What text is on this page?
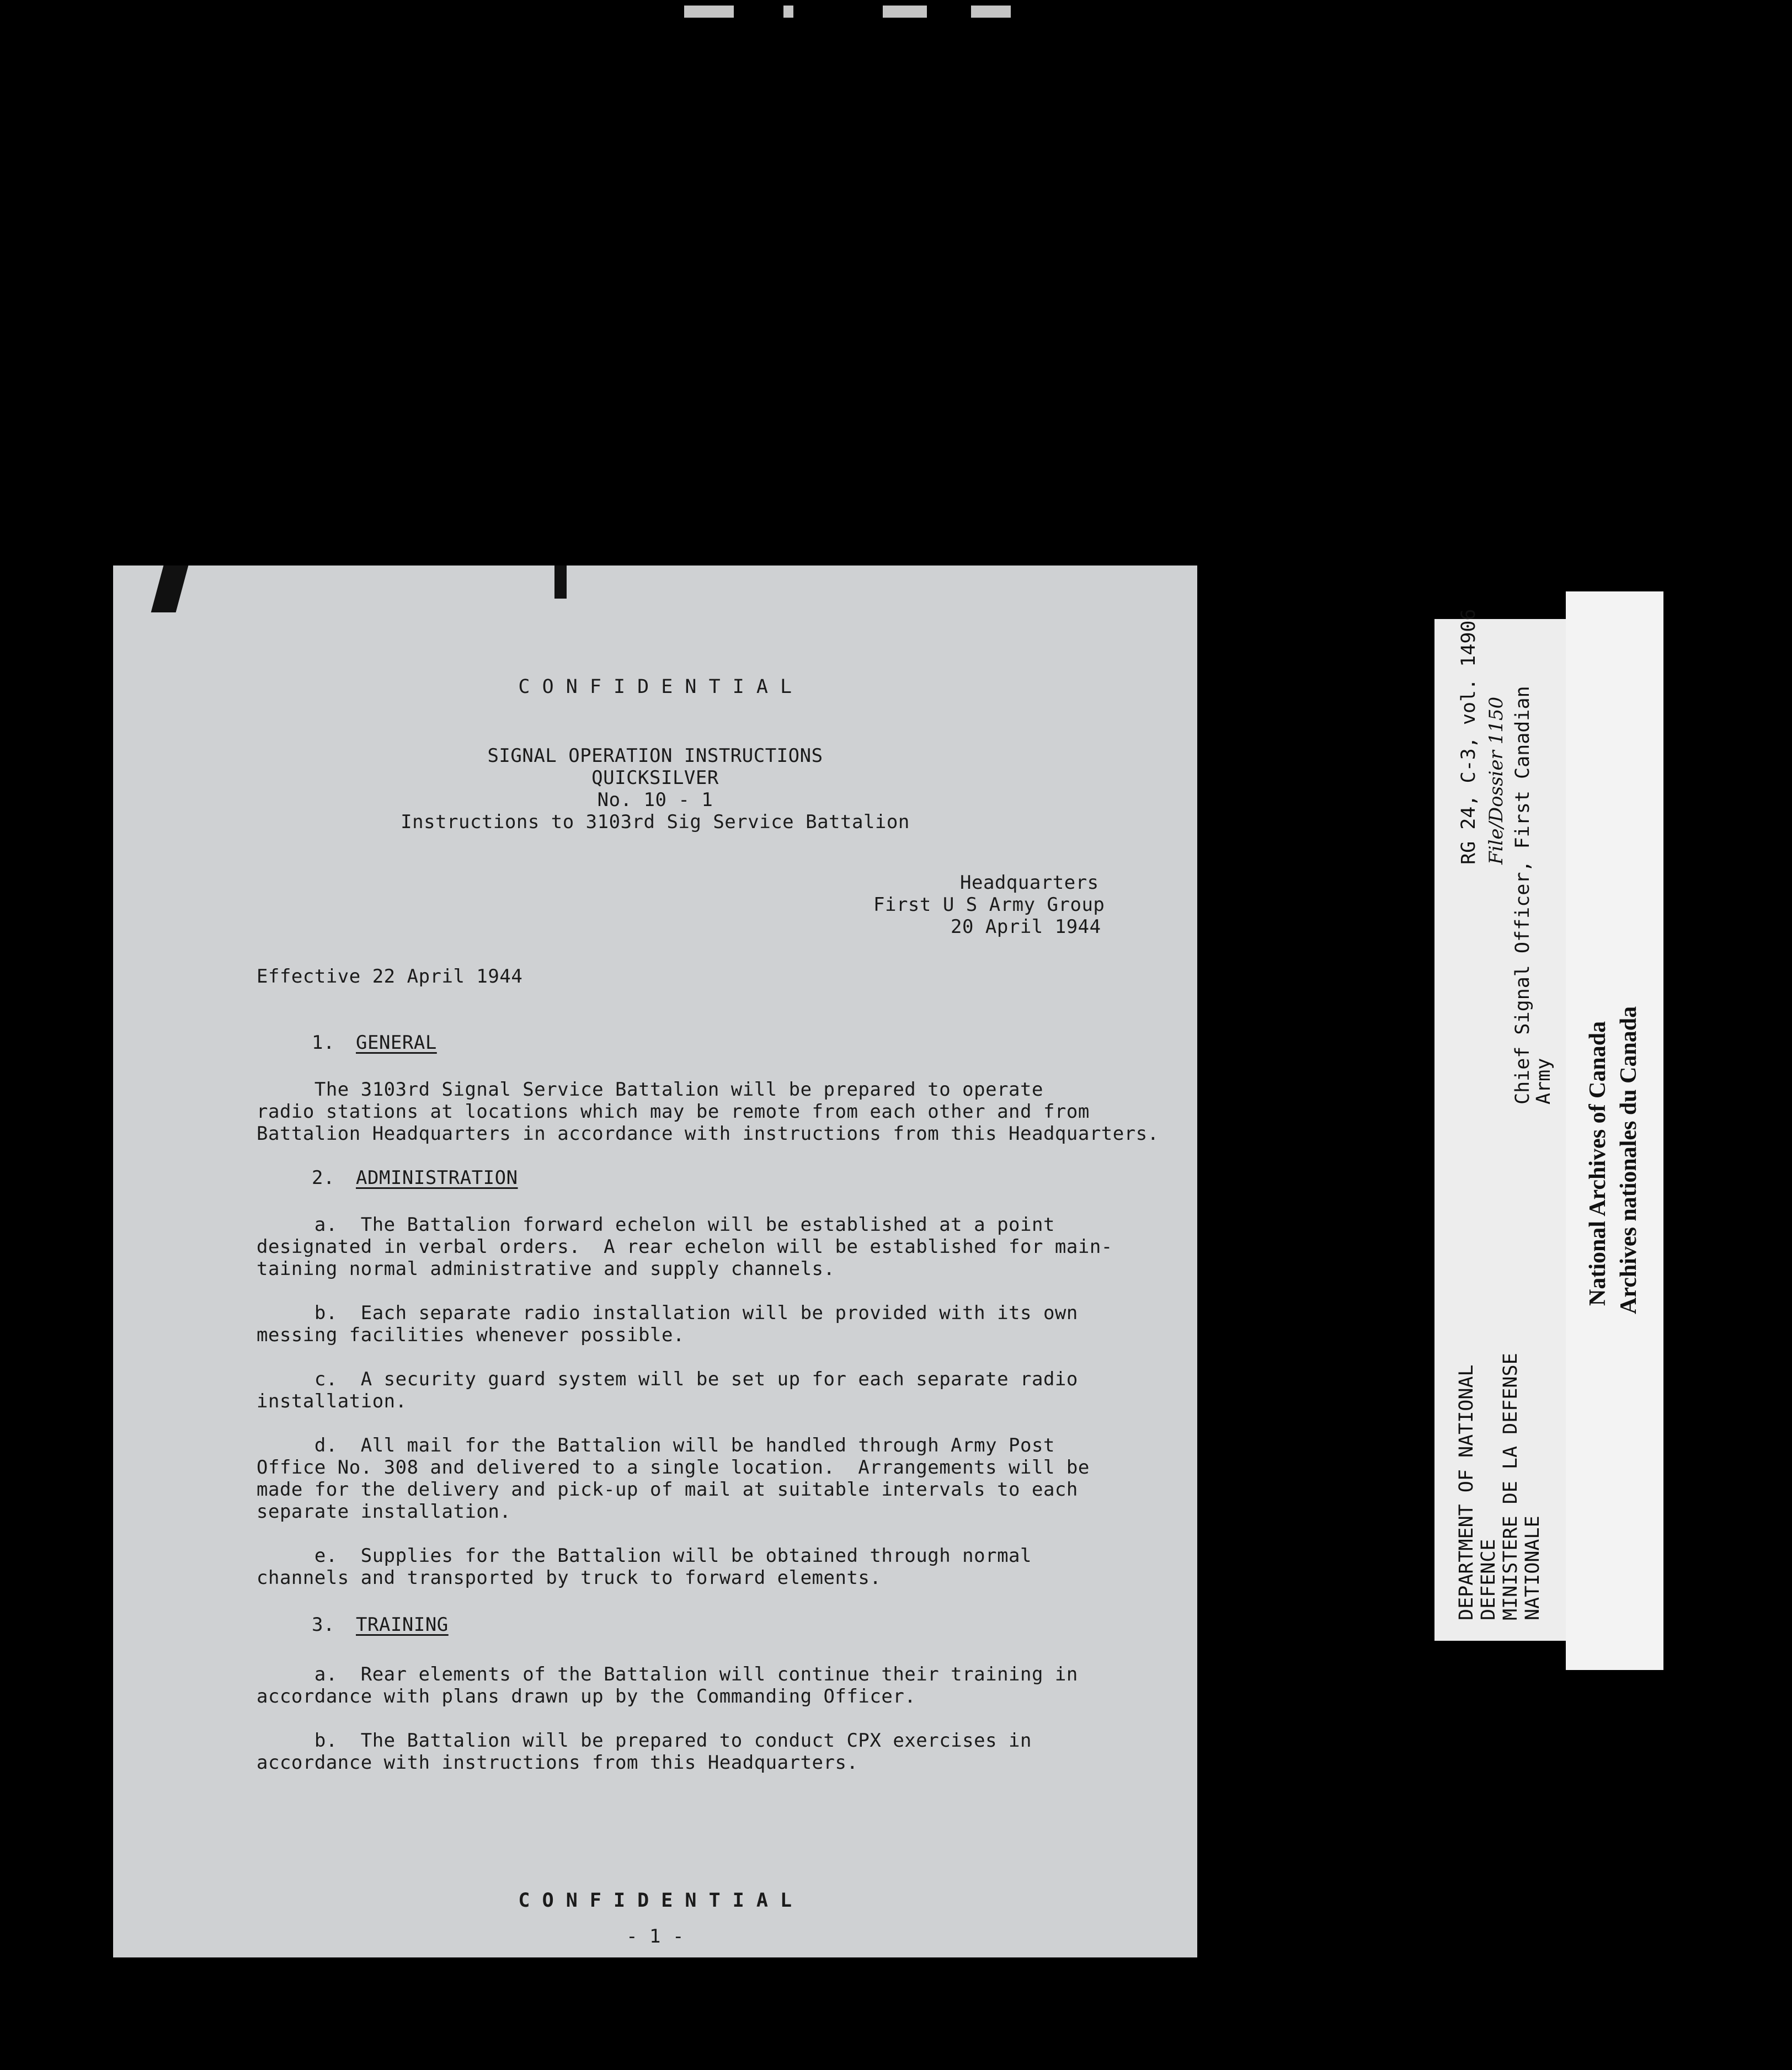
C O N F I D E N T I A L
SIGNAL OPERATION INSTRUCTIONS
QUICKSILVER
No. 10 - 1
Instructions to 3103rd Sig Service Battalion
Headquarters
First U S Army Group
20 April 1944
Effective 22 April 1944
1. GENERAL
The 3103rd Signal Service Battalion will be prepared to operate
radio stations at locations which may be remote from each other and from
Battalion Headquarters in accordance with instructions from this Headquarters.
2. ADMINISTRATION
a.  The Battalion forward echelon will be established at a point
designated in verbal orders.  A rear echelon will be established for main-
taining normal administrative and supply channels.
b.  Each separate radio installation will be provided with its own
messing facilities whenever possible.
c.  A security guard system will be set up for each separate radio
installation.
d.  All mail for the Battalion will be handled through Army Post
Office No. 308 and delivered to a single location.  Arrangements will be
made for the delivery and pick-up of mail at suitable intervals to each
separate installation.
e.  Supplies for the Battalion will be obtained through normal
channels and transported by truck to forward elements.
3. TRAINING
a.  Rear elements of the Battalion will continue their training in
accordance with plans drawn up by the Commanding Officer.
b.  The Battalion will be prepared to conduct CPX exercises in
accordance with instructions from this Headquarters.
C O N F I D E N T I A L
- 1 -
RG 24, C-3, vol. 14906 File/Dossier 1150 Chief Signal Officer, First Canadian
Army
DEPARTMENT OF NATIONAL DEFENCE MINISTERE DE LA DEFENSE NATIONALE
National Archives of Canada Archives nationales du Canada
